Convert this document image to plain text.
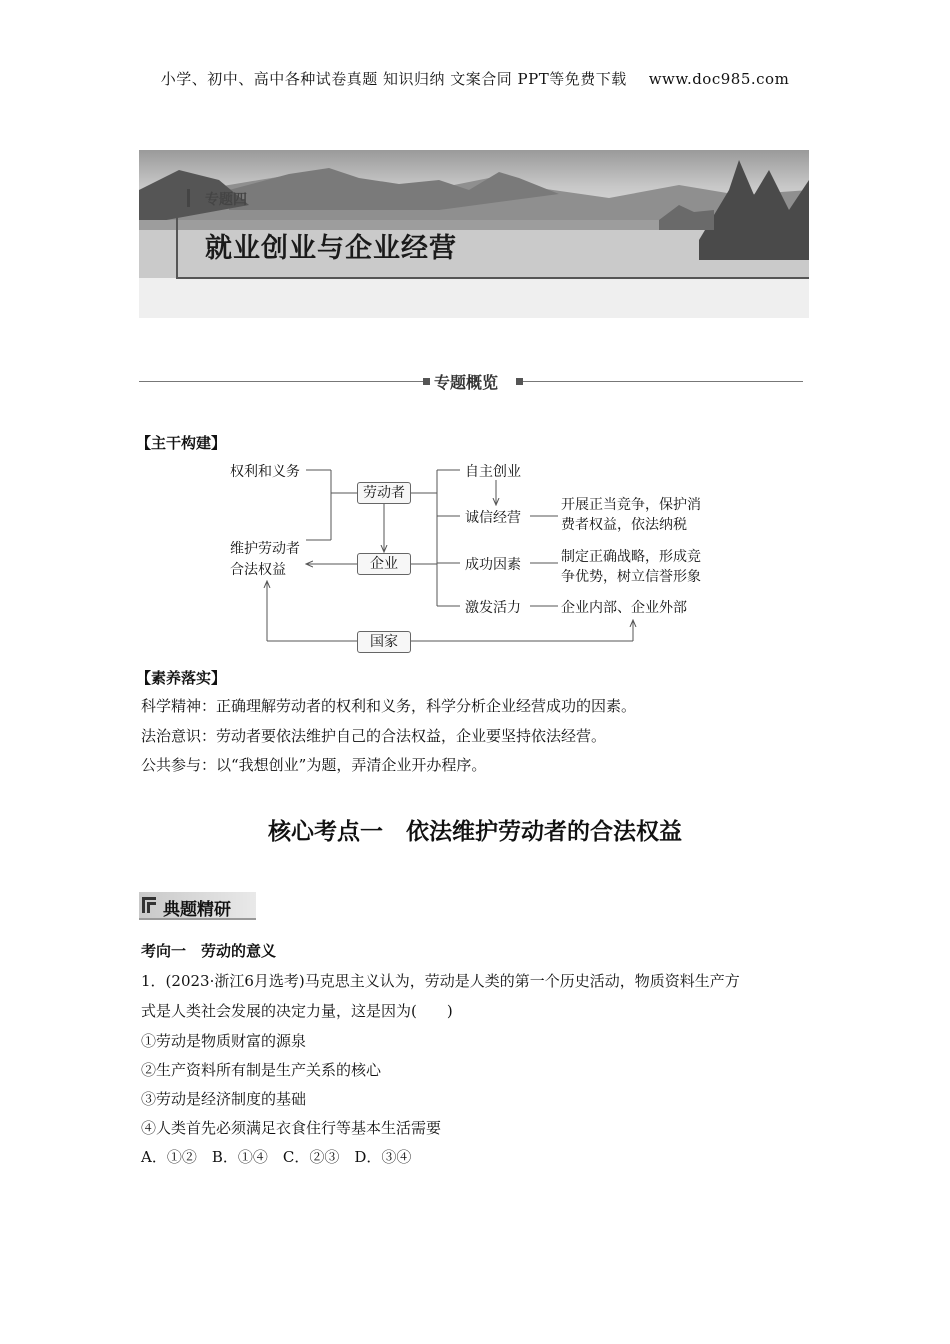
小学、初中、高中各种试卷真题 知识归纳 文案合同 PPT等免费下载 www.doc985.com
专题四
就业创业与企业经营
专题概览
【主干构建】
权利和义务
维护劳动者
合法权益
劳动者
企业
国家
自主创业
诚信经营
成功因素
激发活力
开展正当竞争，保护消
费者权益，依法纳税
制定正确战略，形成竞
争优势，树立信誉形象
企业内部、企业外部
【素养落实】
科学精神：正确理解劳动者的权利和义务，科学分析企业经营成功的因素。
法治意识：劳动者要依法维护自己的合法权益，企业要坚持依法经营。
公共参与：以“我想创业”为题，弄清企业开办程序。
核心考点一　依法维护劳动者的合法权益
典题精研
考向一　劳动的意义
1．(2023·浙江6月选考)马克思主义认为，劳动是人类的第一个历史活动，物质资料生产方
式是人类社会发展的决定力量，这是因为(　　)
①劳动是物质财富的源泉
②生产资料所有制是生产关系的核心
③劳动是经济制度的基础
④人类首先必须满足衣食住行等基本生活需要
A．①②　B．①④　C．②③　D．③④
